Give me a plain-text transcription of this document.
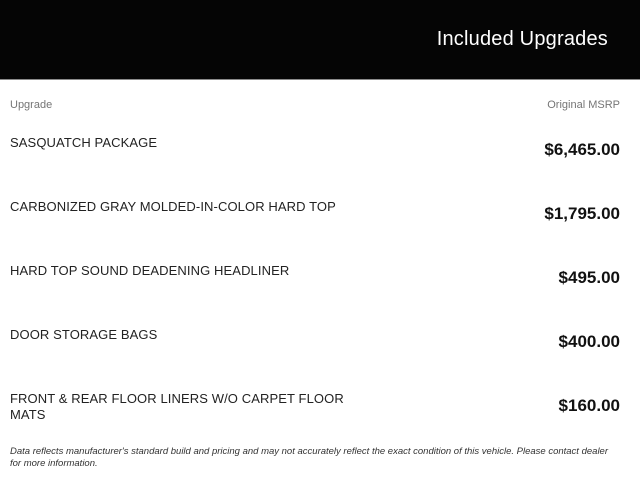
Included Upgrades
Upgrade	Original MSRP
SASQUATCH PACKAGE	$6,465.00
CARBONIZED GRAY MOLDED-IN-COLOR HARD TOP	$1,795.00
HARD TOP SOUND DEADENING HEADLINER	$495.00
DOOR STORAGE BAGS	$400.00
FRONT & REAR FLOOR LINERS W/O CARPET FLOOR MATS	$160.00
Data reflects manufacturer's standard build and pricing and may not accurately reflect the exact condition of this vehicle. Please contact dealer for more information.
